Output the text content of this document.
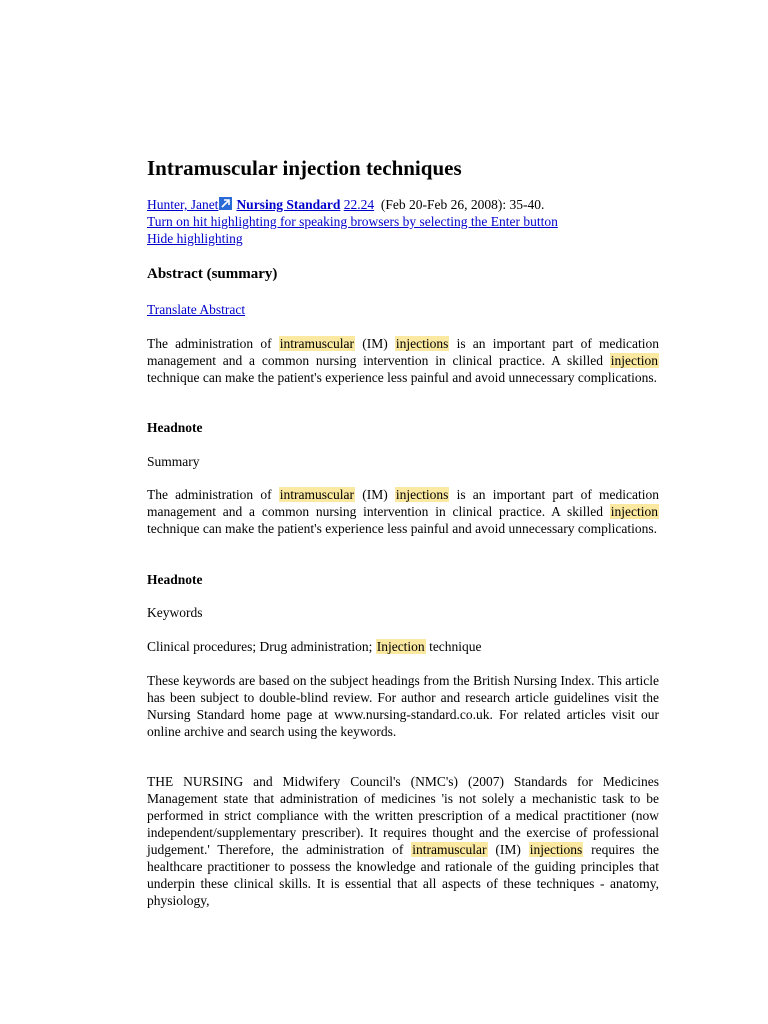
Intramuscular injection techniques
Hunter, Janet Nursing Standard 22.24 (Feb 20-Feb 26, 2008): 35-40.
Turn on hit highlighting for speaking browsers by selecting the Enter button
Hide highlighting
Abstract (summary)
Translate Abstract

The administration of intramuscular (IM) injections is an important part of medication management and a common nursing intervention in clinical practice. A skilled injection technique can make the patient's experience less painful and avoid unnecessary complications.

Headnote

Summary

The administration of intramuscular (IM) injections is an important part of medication management and a common nursing intervention in clinical practice. A skilled injection technique can make the patient's experience less painful and avoid unnecessary complications.

Headnote

Keywords

Clinical procedures; Drug administration; Injection technique

These keywords are based on the subject headings from the British Nursing Index. This article has been subject to double-blind review. For author and research article guidelines visit the Nursing Standard home page at www.nursing-standard.co.uk. For related articles visit our online archive and search using the keywords.

THE NURSING and Midwifery Council's (NMC's) (2007) Standards for Medicines Management state that administration of medicines 'is not solely a mechanistic task to be performed in strict compliance with the written prescription of a medical practitioner (now independent/supplementary prescriber). It requires thought and the exercise of professional judgement.' Therefore, the administration of intramuscular (IM) injections requires the healthcare practitioner to possess the knowledge and rationale of the guiding principles that underpin these clinical skills. It is essential that all aspects of these techniques - anatomy, physiology,
